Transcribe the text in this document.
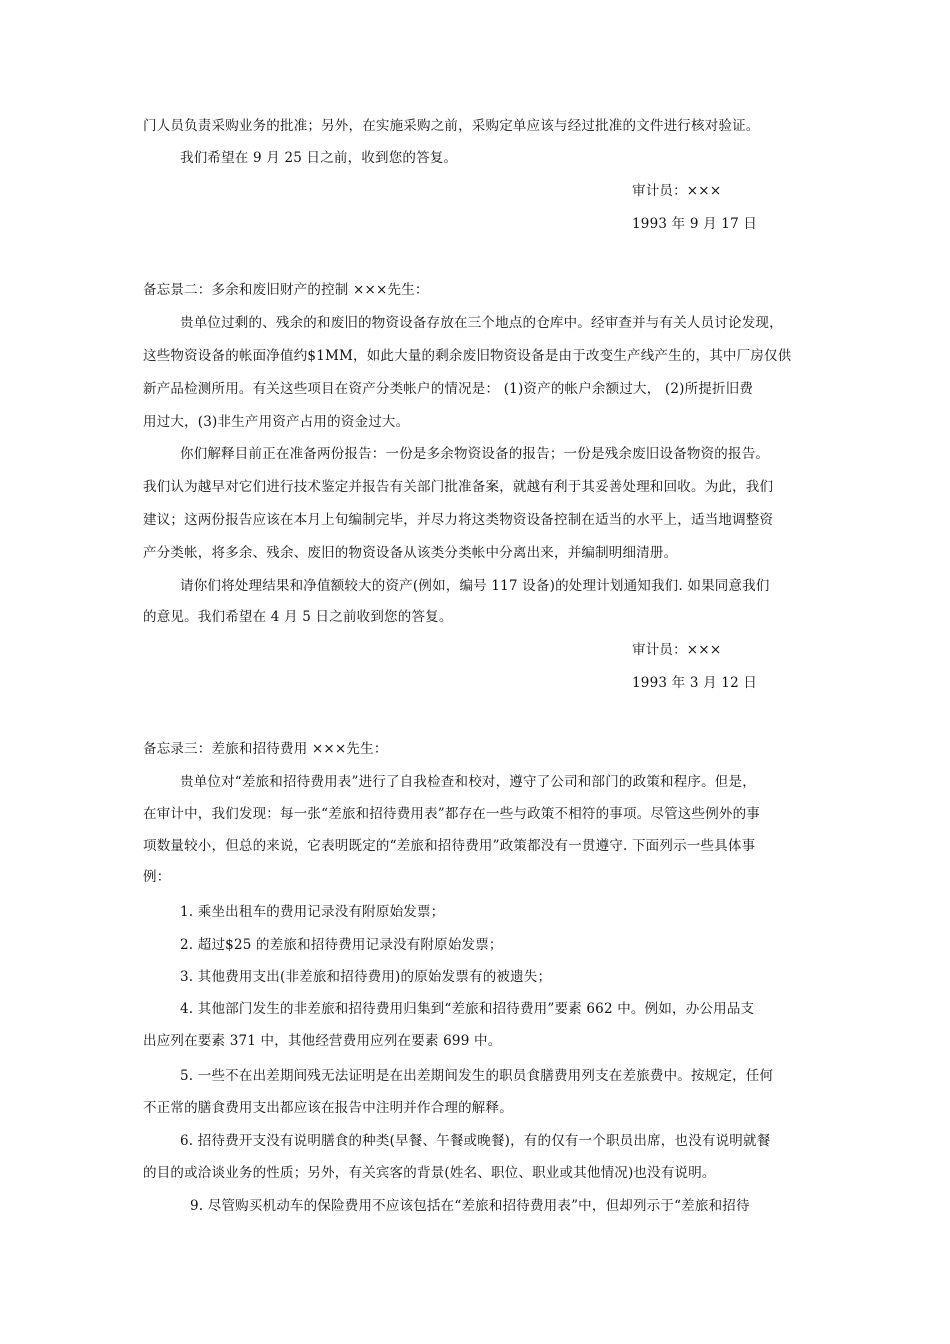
门人员负责采购业务的批准；另外，在实施采购之前，采购定单应该与经过批准的文件进行核对验证。
我们希望在 9 月 25 日之前，收到您的答复。
审计员：×××
1993 年 9 月 17 日
备忘景二：多余和废旧财产的控制 ×××先生：
贵单位过剩的、残余的和废旧的物资设备存放在三个地点的仓库中。经审查并与有关人员讨论发现，
这些物资设备的帐面净值约$1MM，如此大量的剩余废旧物资设备是由于改变生产线产生的，其中厂房仅供
新产品检测所用。有关这些项目在资产分类帐户的情况是： (1)资产的帐户余额过大， (2)所提折旧费
用过大，(3)非生产用资产占用的资金过大。
你们解释目前正在准备两份报告：一份是多余物资设备的报告；一份是残余废旧设备物资的报告。
我们认为越早对它们进行技术鉴定并报告有关部门批准备案，就越有利于其妥善处理和回收。为此，我们
建议；这两份报告应该在本月上旬编制完毕，并尽力将这类物资设备控制在适当的水平上，适当地调整资
产分类帐，将多余、残余、废旧的物资设备从该类分类帐中分离出来，并编制明细清册。
请你们将处理结果和净值额较大的资产(例如，编号 117 设备)的处理计划通知我们. 如果同意我们
的意见。我们希望在 4 月 5 日之前收到您的答复。
审计员：×××
1993 年 3 月 12 日
备忘录三：差旅和招待费用 ×××先生：
贵单位对“差旅和招待费用表”进行了自我检查和校对，遵守了公司和部门的政策和程序。但是，
在审计中，我们发现：每一张“差旅和招待费用表”都存在一些与政策不相符的事项。尽管这些例外的事
项数量较小，但总的来说，它表明既定的“差旅和招待费用”政策都没有一贯遵守. 下面列示一些具体事
例：
1. 乘坐出租车的费用记录没有附原始发票；
2. 超过$25 的差旅和招待费用记录没有附原始发票；
3. 其他费用支出(非差旅和招待费用)的原始发票有的被遗失；
4. 其他部门发生的非差旅和招待费用归集到“差旅和招待费用”要素 662 中。例如，办公用品支
出应列在要素 371 中，其他经营费用应列在要素 699 中。
5. 一些不在出差期间残无法证明是在出差期间发生的职员食膳费用列支在差旅费中。按规定，任何
不正常的膳食费用支出都应该在报告中注明并作合理的解释。
6. 招待费开支没有说明膳食的种类(早餐、午餐或晚餐)，有的仅有一个职员出席，也没有说明就餐
的目的或洽谈业务的性质；另外，有关宾客的背景(姓名、职位、职业或其他情况)也没有说明。
9. 尽管购买机动车的保险费用不应该包括在“差旅和招待费用表”中，但却列示于“差旅和招待
